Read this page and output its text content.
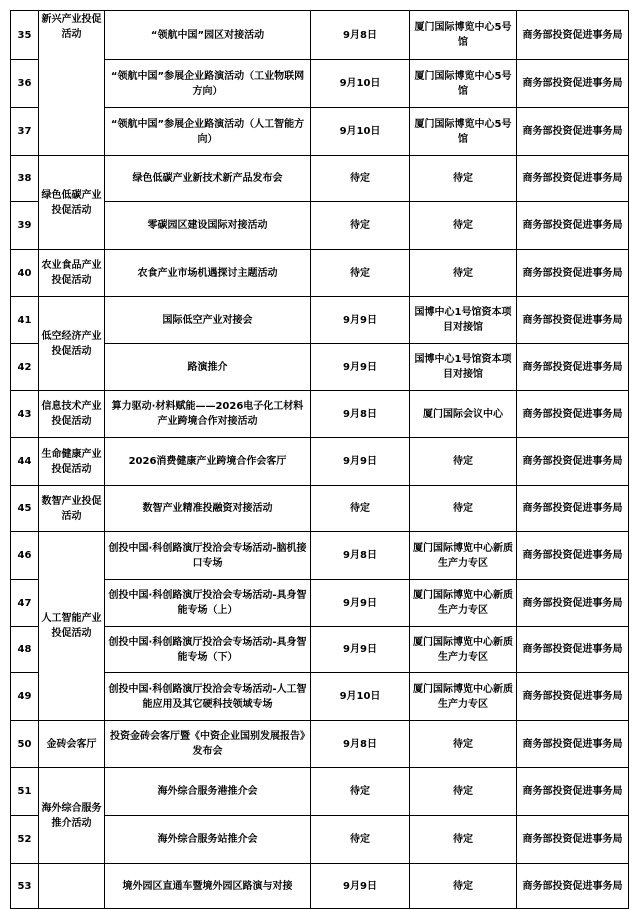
35	新兴产业投促活动	“领航中国”园区对接活动	9月8日	厦门国际博览中心5号馆	商务部投资促进事务局
36		“领航中国”参展企业路演活动（工业物联网方向）	9月10日	厦门国际博览中心5号馆	商务部投资促进事务局
37		“领航中国”参展企业路演活动（人工智能方向）	9月10日	厦门国际博览中心5号馆	商务部投资促进事务局
38	绿色低碳产业投促活动	绿色低碳产业新技术新产品发布会	待定	待定	商务部投资促进事务局
39		零碳园区建设国际对接活动	待定	待定	商务部投资促进事务局
40	农业食品产业投促活动	农食产业市场机遇探讨主题活动	待定	待定	商务部投资促进事务局
41	低空经济产业投促活动	国际低空产业对接会	9月9日	国博中心1号馆资本项目对接馆	商务部投资促进事务局
42		路演推介	9月9日	国博中心1号馆资本项目对接馆	商务部投资促进事务局
43	信息技术产业投促活动	算力驱动·材料赋能——2026电子化工材料产业跨境合作对接活动	9月8日	厦门国际会议中心	商务部投资促进事务局
44	生命健康产业投促活动	2026消费健康产业跨境合作会客厅	9月9日	待定	商务部投资促进事务局
45	数智产业投促活动	数智产业精准投融资对接活动	待定	待定	商务部投资促进事务局
46	人工智能产业投促活动	创投中国·科创路演厅投洽会专场活动-脑机接口专场	9月8日	厦门国际博览中心新质生产力专区	商务部投资促进事务局
47		创投中国·科创路演厅投洽会专场活动-具身智能专场（上）	9月9日	厦门国际博览中心新质生产力专区	商务部投资促进事务局
48		创投中国·科创路演厅投洽会专场活动-具身智能专场（下）	9月9日	厦门国际博览中心新质生产力专区	商务部投资促进事务局
49		创投中国·科创路演厅投洽会专场活动-人工智能应用及其它硬科技领域专场	9月10日	厦门国际博览中心新质生产力专区	商务部投资促进事务局
50	金砖会客厅	投资金砖会客厅暨《中资企业国别发展报告》发布会	9月8日	待定	商务部投资促进事务局
51	海外综合服务推介活动	海外综合服务港推介会	待定	待定	商务部投资促进事务局
52		海外综合服务站推介会	待定	待定	商务部投资促进事务局
53		境外园区直通车暨境外园区路演与对接	9月9日	待定	商务部投资促进事务局
